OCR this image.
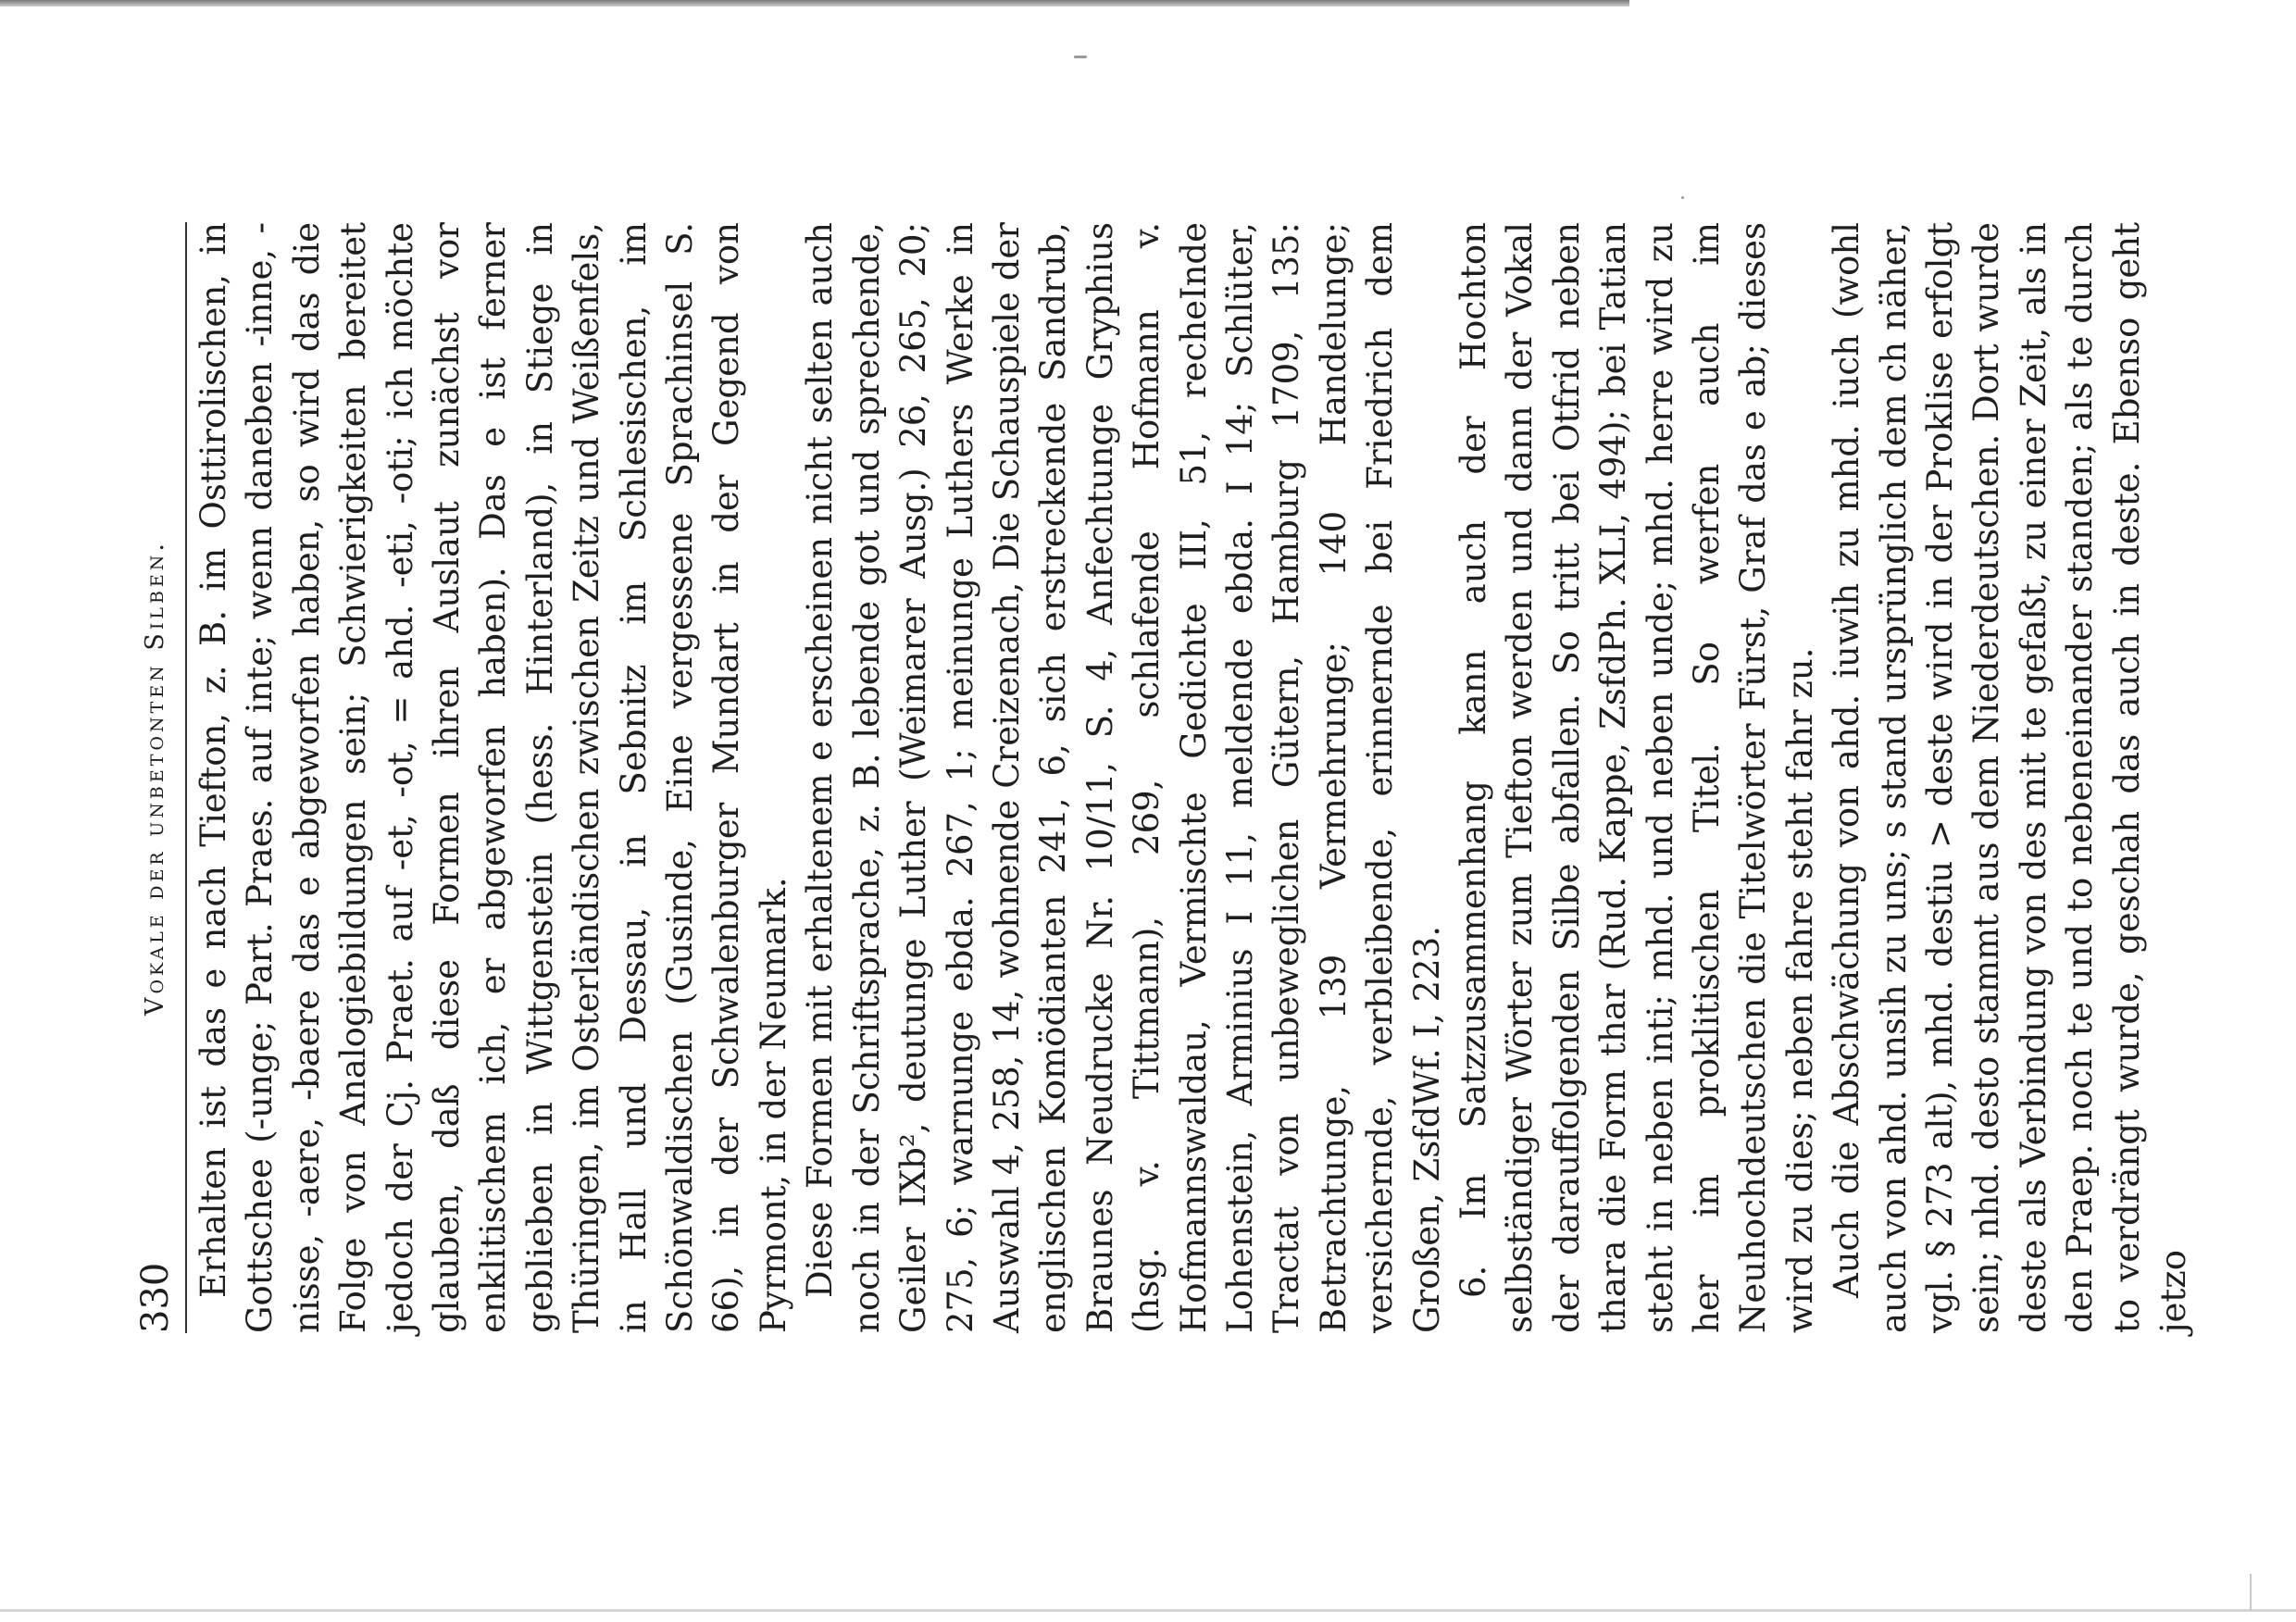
330
Vokale der unbetonten Silben. Erhalten ist das e nach Tiefton, z. B. im Osttirolischen, in Gottschee (-unge; Part. Praes. auf inte; wenn daneben -inne, -nisse, -aere, -baere das e abgeworfen haben, so wird das die Folge von Analogiebildungen sein; Schwierigkeiten bereitet jedoch der Cj. Praet. auf -et, -ot, = ahd. -eti, -oti; ich möchte glauben, daß diese Formen ihren Auslaut zunächst vor enklitischem ich, er abgeworfen haben). Das e ist ferner geblieben in Wittgenstein (hess. Hinterland), in Stiege in Thüringen, im Osterländischen zwischen Zeitz und Weißenfels, in Hall und Dessau, in Sebnitz im Schlesischen, im Schönwaldischen (Gusinde, Eine vergessene Sprachinsel S. 66), in der Schwalenburger Mundart in der Gegend von Pyrmont, in der Neumark. Diese Formen mit erhaltenem e erscheinen nicht selten auch noch in der Schriftsprache, z. B. lebende got und sprechende, Geiler IXb², deutunge Luther (Weimarer Ausg.) 26, 265, 20; 275, 6; warnunge ebda. 267, 1; meinunge Luthers Werke in Auswahl 4, 258, 14, wohnende Creizenach, Die Schauspiele der englischen Komödianten 241, 6, sich erstreckende Sandrub, Braunes Neudrucke Nr. 10/11, S. 4, Anfechtunge Gryphius (hsg. v. Tittmann), 269, schlafende Hofmann v. Hofmannswaldau, Vermischte Gedichte III, 51, recheInde Lohenstein, Arminius I 11, meldende ebda. I 14; Schlüter, Tractat von unbeweglichen Gütern, Hamburg 1709, 135: Betrachtunge, 139 Vermehrunge; 140 Handelunge; versichernde, verbleibende, erinnernde bei Friedrich dem Großen, ZsfdWf. I, 223. 6. Im Satzzusammenhang kann auch der Hochton selbständiger Wörter zum Tiefton werden und dann der Vokal der darauffolgenden Silbe abfallen. So tritt bei Otfrid neben thara die Form thar (Rud. Kappe, ZsfdPh. XLI, 494); bei Tatian steht in neben inti; mhd. und neben unde; mhd. herre wird zu her im proklitischen Titel. So werfen auch im Neuhochdeutschen die Titelwörter Fürst, Graf das e ab; dieses wird zu dies; neben fahre steht fahr zu. Auch die Abschwächung von ahd. iuwih zu mhd. iuch (wohl auch von ahd. unsih zu uns; s stand ursprünglich dem ch näher, vgl. § 273 alt), mhd. destiu > deste wird in der Proklise erfolgt sein; nhd. desto stammt aus dem Niederdeutschen. Dort wurde deste als Verbindung von des mit te gefaßt, zu einer Zeit, als in den Praep. noch te und to nebeneinander standen; als te durch to verdrängt wurde, geschah das auch in deste. Ebenso geht jetzo
